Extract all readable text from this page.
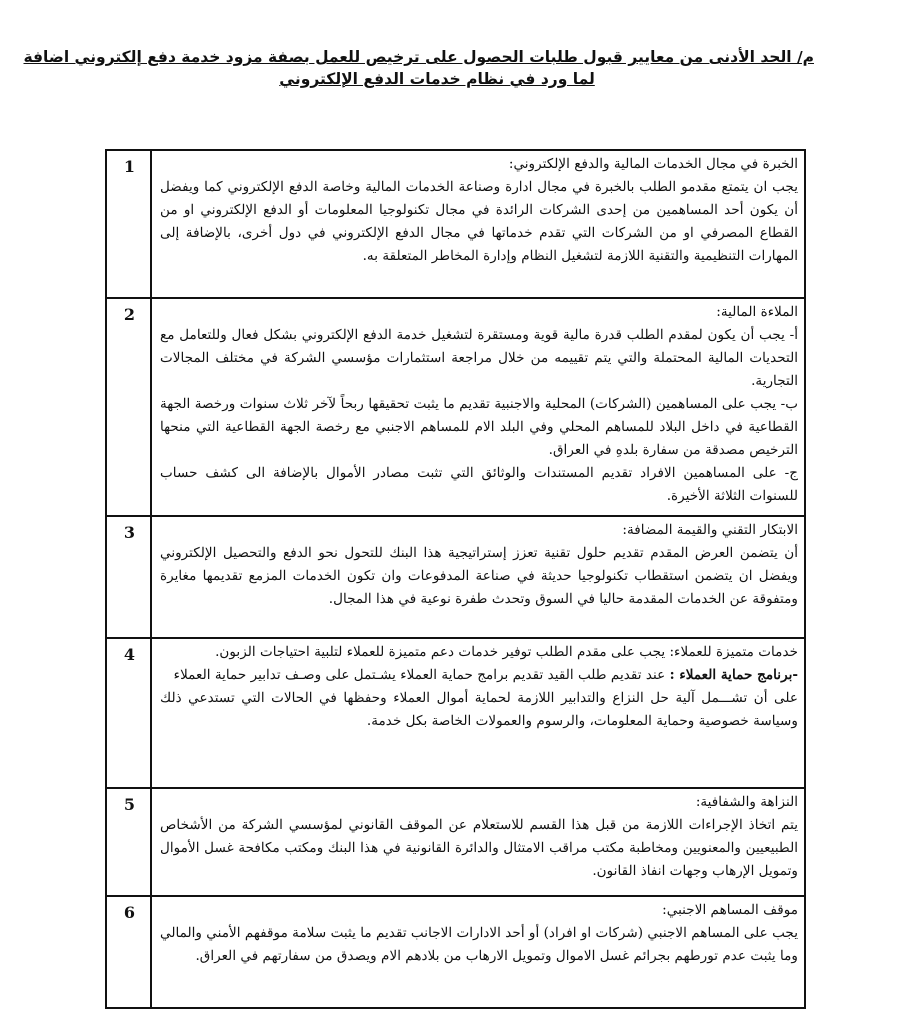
م/ الحد الأدنى من معايير قبول طلبات الحصول على ترخيص للعمل بصفة مزود خدمة دفع إلكتروني اضافة
لما ورد في نظام خدمات الدفع الإلكتروني
الخبرة في مجال الخدمات المالية والدفع الإلكتروني:
يجب ان يتمتع مقدمو الطلب بالخبرة في مجال ادارة وصناعة الخدمات المالية وخاصة الدفع الإلكتروني كما ويفضل أن يكون أحد المساهمين من إحدى الشركات الرائدة في مجال تكنولوجيا المعلومات أو الدفع الإلكتروني او من القطاع المصرفي او من الشركات التي تقدم خدماتها في مجال الدفع الإلكتروني في دول أخرى، بالإضافة إلى المهارات التنظيمية والتقنية اللازمة لتشغيل النظام وإدارة المخاطر المتعلقة به.	1

الملاءة المالية:
أ- يجب أن يكون لمقدم الطلب قدرة مالية قوية ومستقرة لتشغيل خدمة الدفع الإلكتروني بشكل فعال وللتعامل مع التحديات المالية المحتملة والتي يتم تقييمه من خلال مراجعة استثمارات مؤسسي الشركة في مختلف المجالات التجارية.
ب- يجب على المساهمين (الشركات) المحلية والاجنبية تقديم ما يثبت تحقيقها ربحاً لآخر ثلاث سنوات ورخصة الجهة القطاعية في داخل البلاد للمساهم المحلي وفي البلد الام للمساهم الاجنبي مع رخصة الجهة القطاعية التي منحها الترخيص مصدقة من سفارة بلدهِ في العراق.
ج- على المساهمين الافراد تقديم المستندات والوثائق التي تثبت مصادر الأموال بالإضافة الى كشف حساب للسنوات الثلاثة الأخيرة.	2

الابتكار التقني والقيمة المضافة:
أن يتضمن العرض المقدم تقديم حلول تقنية تعزز إستراتيجية هذا البنك للتحول نحو الدفع والتحصيل الإلكتروني ويفضل ان يتضمن استقطاب تكنولوجيا حديثة في صناعة المدفوعات وان تكون الخدمات المزمع تقديمها مغايرة ومتفوقة عن الخدمات المقدمة حاليا في السوق وتحدث طفرة نوعية في هذا المجال.	3

خدمات متميزة للعملاء: يجب على مقدم الطلب توفير خدمات دعم متميزة للعملاء لتلبية احتياجات الزبون.
-برنامج حماية العملاء : عند تقديم طلب القيد تقديم برامج حماية العملاء يشـتمل على وصـف تدابير حماية العملاء
على أن تشـــمل آلية حل النزاع والتدابير اللازمة لحماية أموال العملاء وحفظها في الحالات التي تستدعي ذلك وسياسة خصوصية وحماية المعلومات، والرسوم والعمولات الخاصة بكل خدمة.	4

النزاهة والشفافية:
يتم اتخاذ الإجراءات اللازمة من قبل هذا القسم للاستعلام عن الموقف القانوني لمؤسسي الشركة من الأشخاص الطبيعيين والمعنويين ومخاطبة مكتب مراقب الامتثال والدائرة القانونية في هذا البنك ومكتب مكافحة غسل الأموال وتمويل الإرهاب وجهات انفاذ القانون.	5

موقف المساهم الاجنبي:
يجب على المساهم الاجنبي (شركات او افراد) أو أحد الادارات الاجانب تقديم ما يثبت سلامة موقفهم الأمني والمالي وما يثبت عدم تورطهم بجرائم غسل الاموال وتمويل الارهاب من بلادهم الام ويصدق من سفارتهم في العراق.	6
